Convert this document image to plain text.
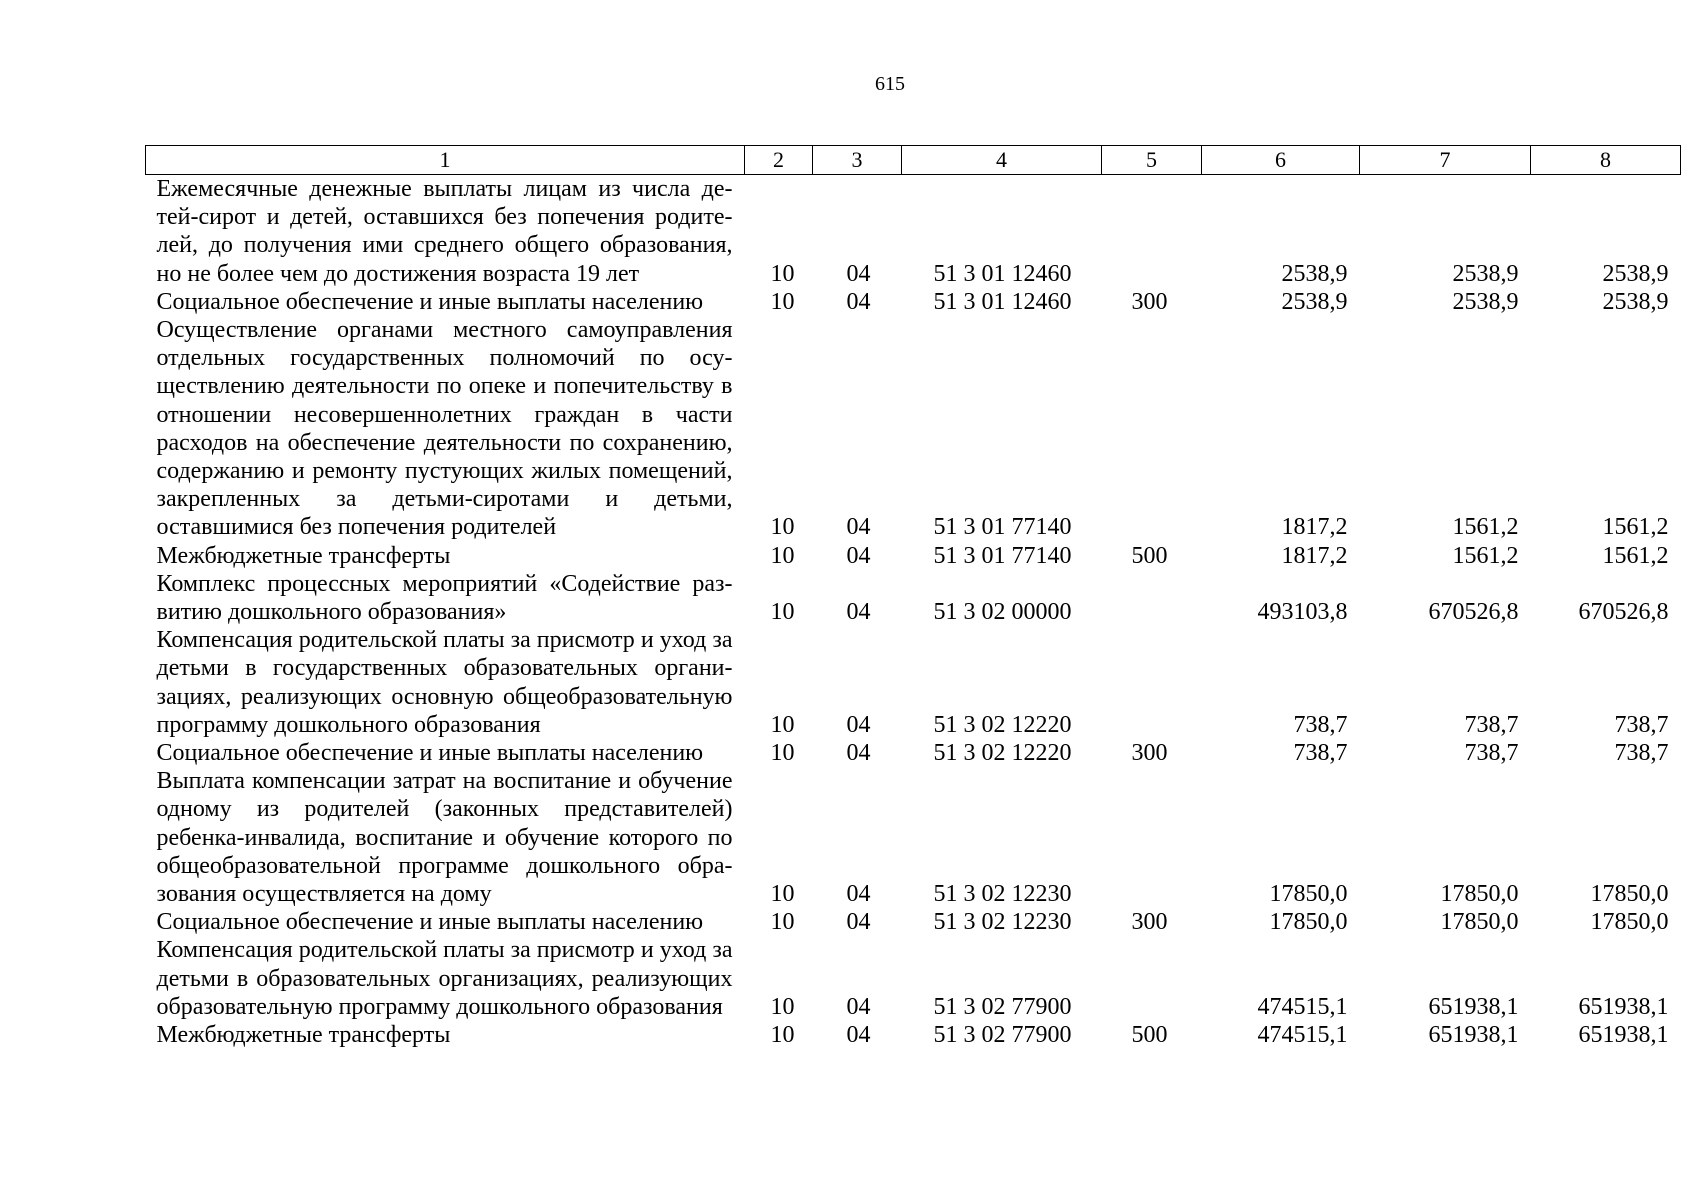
615
1	2	3	4	5	6	7	8
Ежемесячные денежные выплаты лицам из числа детей-сирот и детей, оставшихся без попечения родителей, до получения ими среднего общего образования, но не более чем до достижения возраста 19 лет	10	04	51 3 01 12460		2538,9	2538,9	2538,9
Социальное обеспечение и иные выплаты населению	10	04	51 3 01 12460	300	2538,9	2538,9	2538,9
Осуществление органами местного самоуправления отдельных государственных полномочий по осуществлению деятельности по опеке и попечительству в отношении несовершеннолетних граждан в части расходов на обеспечение деятельности по сохранению, содержанию и ремонту пустующих жилых помещений, закрепленных за детьми-сиротами и детьми, оставшимися без попечения родителей	10	04	51 3 01 77140		1817,2	1561,2	1561,2
Межбюджетные трансферты	10	04	51 3 01 77140	500	1817,2	1561,2	1561,2
Комплекс процессных мероприятий «Содействие развитию дошкольного образования»	10	04	51 3 02 00000		493103,8	670526,8	670526,8
Компенсация родительской платы за присмотр и уход за детьми в государственных образовательных организациях, реализующих основную общеобразовательную программу дошкольного образования	10	04	51 3 02 12220		738,7	738,7	738,7
Социальное обеспечение и иные выплаты населению	10	04	51 3 02 12220	300	738,7	738,7	738,7
Выплата компенсации затрат на воспитание и обучение одному из родителей (законных представителей) ребенка-инвалида, воспитание и обучение которого по общеобразовательной программе дошкольного образования осуществляется на дому	10	04	51 3 02 12230		17850,0	17850,0	17850,0
Социальное обеспечение и иные выплаты населению	10	04	51 3 02 12230	300	17850,0	17850,0	17850,0
Компенсация родительской платы за присмотр и уход за детьми в образовательных организациях, реализующих образовательную программу дошкольного образования	10	04	51 3 02 77900		474515,1	651938,1	651938,1
Межбюджетные трансферты	10	04	51 3 02 77900	500	474515,1	651938,1	651938,1
